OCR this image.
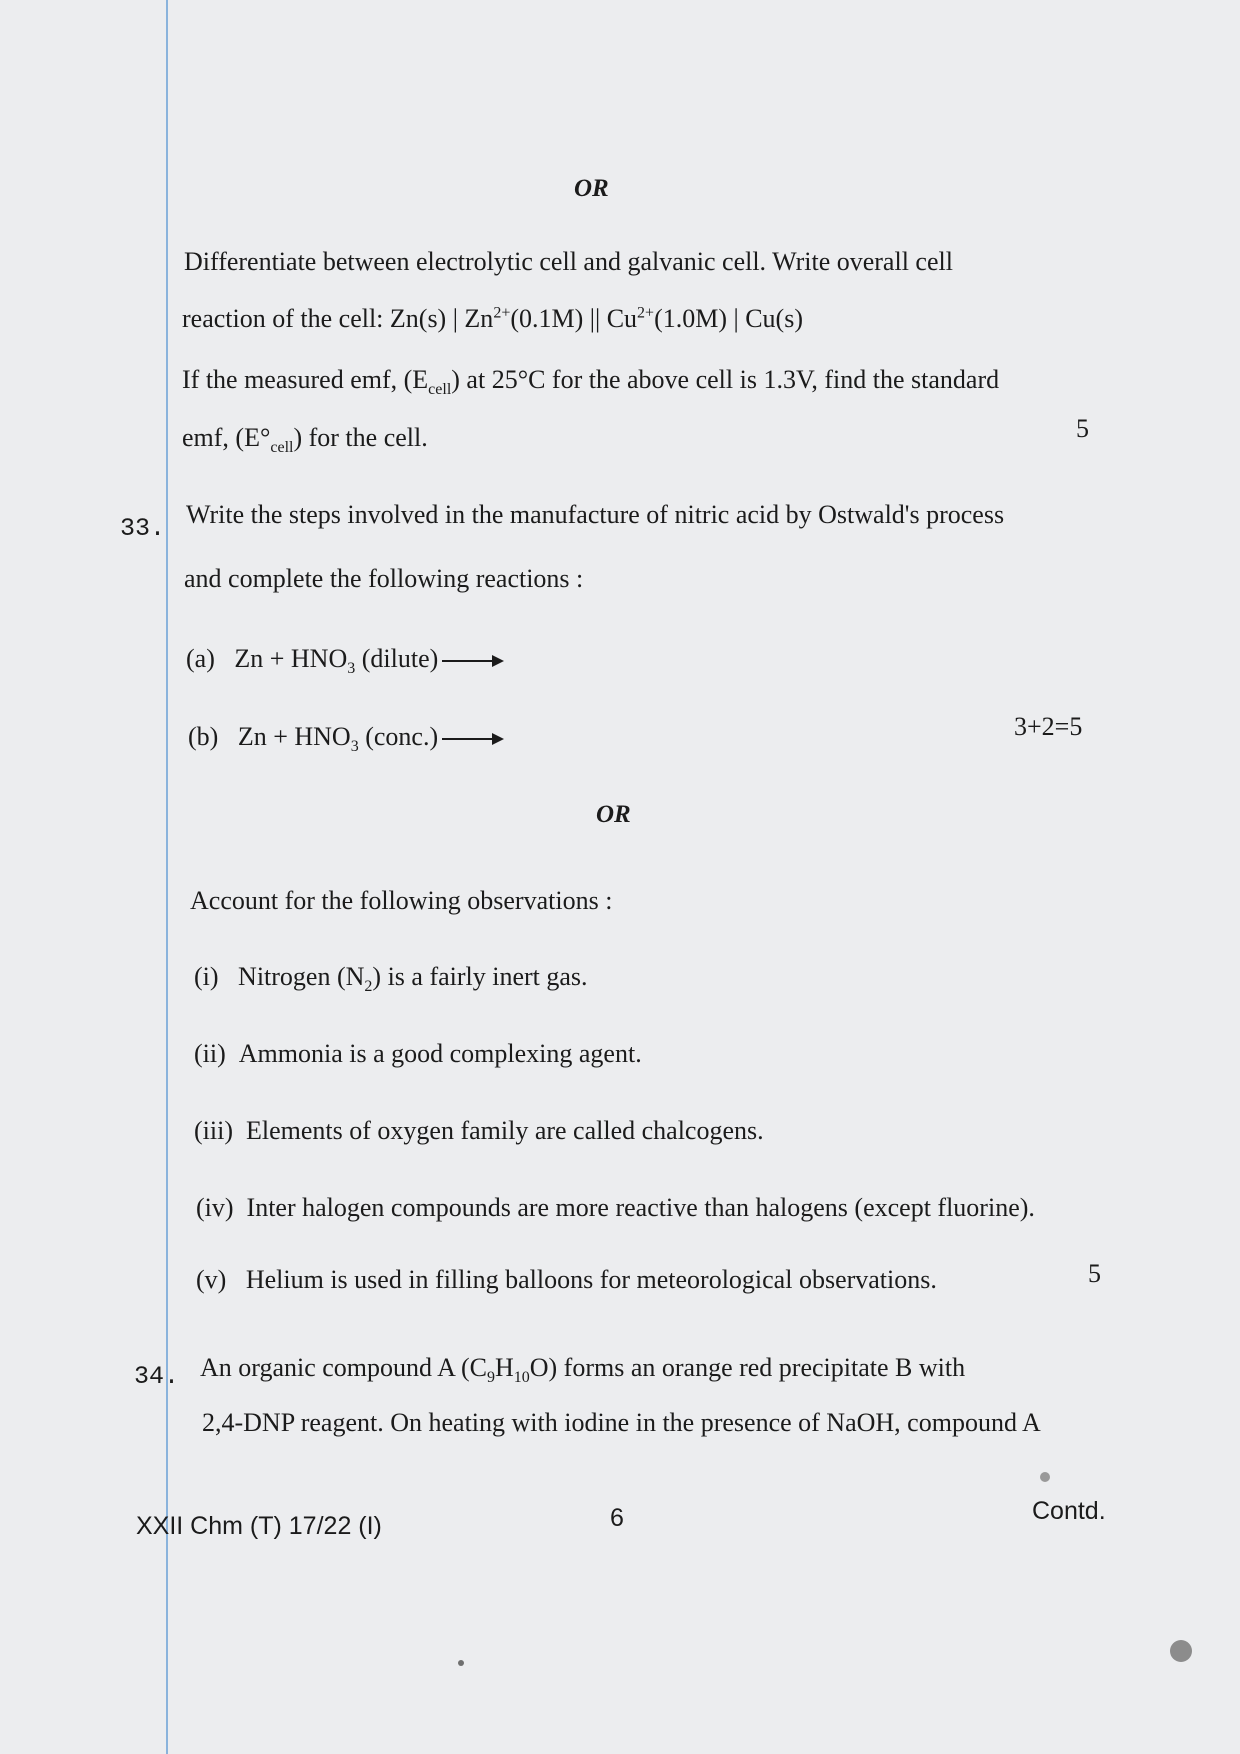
OR
Differentiate between electrolytic cell and galvanic cell. Write overall cell
reaction of the cell: Zn(s) | $Zn^{2+}(0.1M)$ || $Cu^{2+}(1.0M)$ | Cu(s)
If the measured emf, $(E_{cell})$ at 25°C for the above cell is 1.3V, find the standard
emf, $(E^\circ_{cell})$ for the cell.	5
33. Write the steps involved in the manufacture of nitric acid by Ostwald's process
and complete the following reactions :
(a) $Zn + HNO_3$ (dilute) →
(b) $Zn + HNO_3$ (conc.) →	3+2=5
OR
Account for the following observations :
(i) Nitrogen $(N_2)$ is a fairly inert gas.
(ii) Ammonia is a good complexing agent.
(iii) Elements of oxygen family are called chalcogens.
(iv) Inter halogen compounds are more reactive than halogens (except fluorine).
(v) Helium is used in filling balloons for meteorological observations.	5
34. An organic compound A $(C_9H_{10}O)$ forms an orange red precipitate B with
2,4-DNP reagent. On heating with iodine in the presence of NaOH, compound A
XXII Chm (T) 17/22 (I)	6	Contd.
